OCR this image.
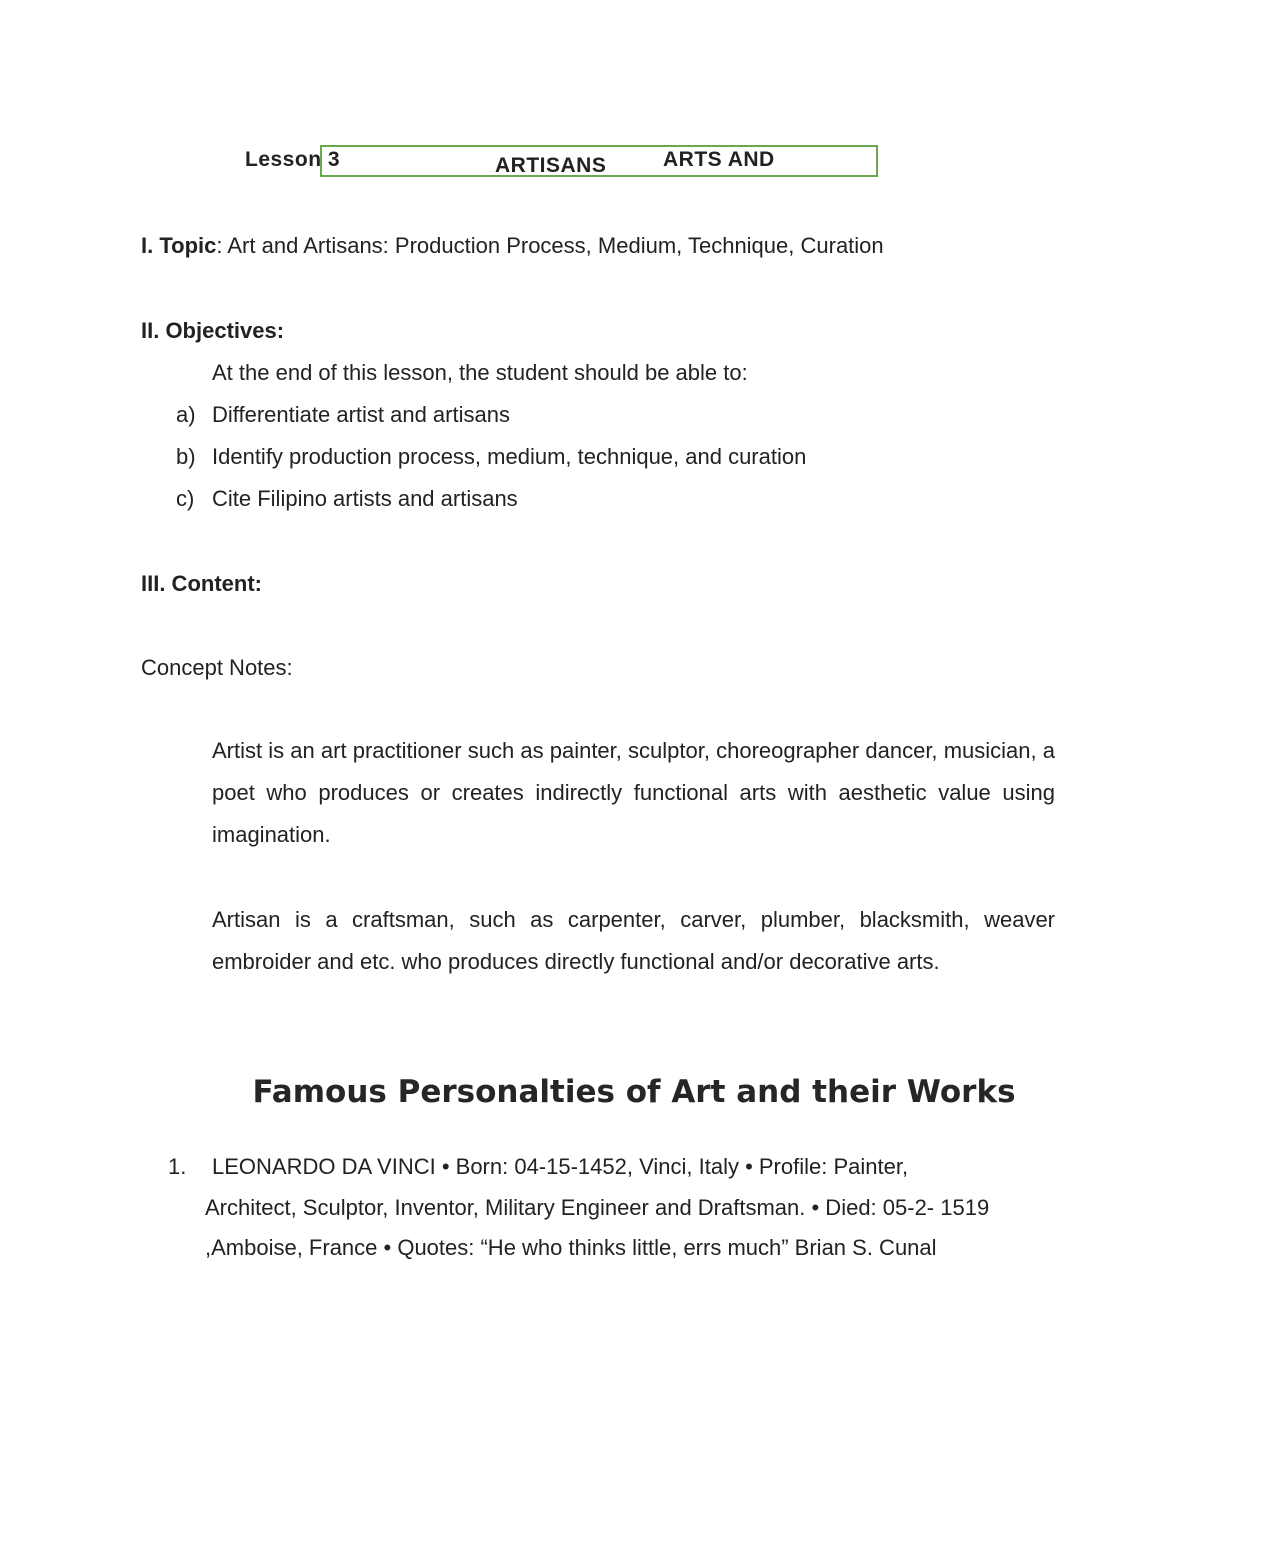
Lesson 3	ARTS AND
ARTISANS
I. Topic: Art and Artisans: Production Process, Medium, Technique, Curation
II. Objectives:
At the end of this lesson, the student should be able to:
a) Differentiate artist and artisans
b) Identify production process, medium, technique, and curation
c) Cite Filipino artists and artisans
III. Content:
Concept Notes:
Artist is an art practitioner such as painter, sculptor, choreographer dancer, musician, a poet who produces or creates indirectly functional arts with aesthetic value using imagination.
Artisan is a craftsman, such as carpenter, carver, plumber, blacksmith, weaver embroider and etc. who produces directly functional and/or decorative arts.
Famous Personalties of Art and their Works
1. LEONARDO DA VINCI • Born: 04-15-1452, Vinci, Italy • Profile: Painter,
Architect, Sculptor, Inventor, Military Engineer and Draftsman. • Died: 05-2- 1519
,Amboise, France • Quotes: “He who thinks little, errs much” Brian S. Cunal
